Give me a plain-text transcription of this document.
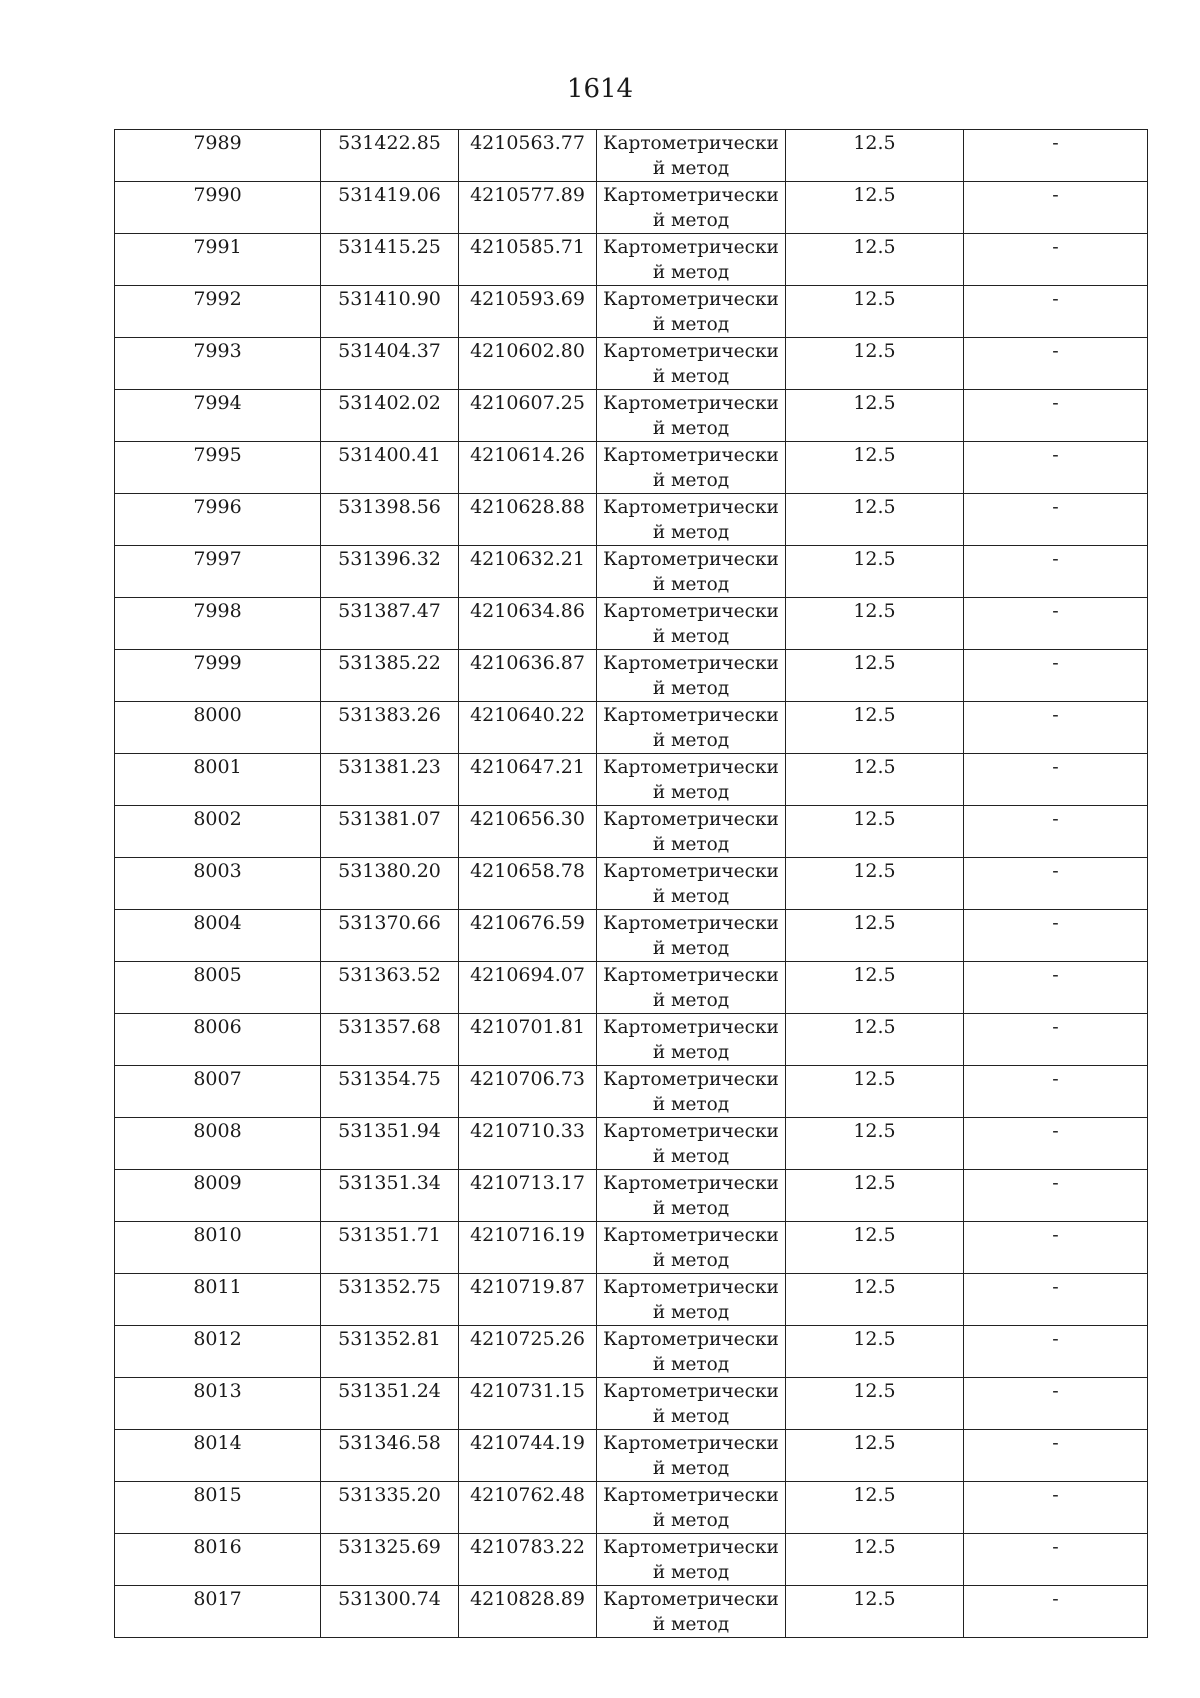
1614
7989	531422.85	4210563.77	Картометрический метод	12.5	-

7990	531419.06	4210577.89	Картометрический метод	12.5	-

7991	531415.25	4210585.71	Картометрический метод	12.5	-

7992	531410.90	4210593.69	Картометрический метод	12.5	-

7993	531404.37	4210602.80	Картометрический метод	12.5	-

7994	531402.02	4210607.25	Картометрический метод	12.5	-

7995	531400.41	4210614.26	Картометрический метод	12.5	-

7996	531398.56	4210628.88	Картометрический метод	12.5	-

7997	531396.32	4210632.21	Картометрический метод	12.5	-

7998	531387.47	4210634.86	Картометрический метод	12.5	-

7999	531385.22	4210636.87	Картометрический метод	12.5	-

8000	531383.26	4210640.22	Картометрический метод	12.5	-

8001	531381.23	4210647.21	Картометрический метод	12.5	-

8002	531381.07	4210656.30	Картометрический метод	12.5	-

8003	531380.20	4210658.78	Картометрический метод	12.5	-

8004	531370.66	4210676.59	Картометрический метод	12.5	-

8005	531363.52	4210694.07	Картометрический метод	12.5	-

8006	531357.68	4210701.81	Картометрический метод	12.5	-

8007	531354.75	4210706.73	Картометрический метод	12.5	-

8008	531351.94	4210710.33	Картометрический метод	12.5	-

8009	531351.34	4210713.17	Картометрический метод	12.5	-

8010	531351.71	4210716.19	Картометрический метод	12.5	-

8011	531352.75	4210719.87	Картометрический метод	12.5	-

8012	531352.81	4210725.26	Картометрический метод	12.5	-

8013	531351.24	4210731.15	Картометрический метод	12.5	-

8014	531346.58	4210744.19	Картометрический метод	12.5	-

8015	531335.20	4210762.48	Картометрический метод	12.5	-

8016	531325.69	4210783.22	Картометрический метод	12.5	-

8017	531300.74	4210828.89	Картометрический метод	12.5	-
